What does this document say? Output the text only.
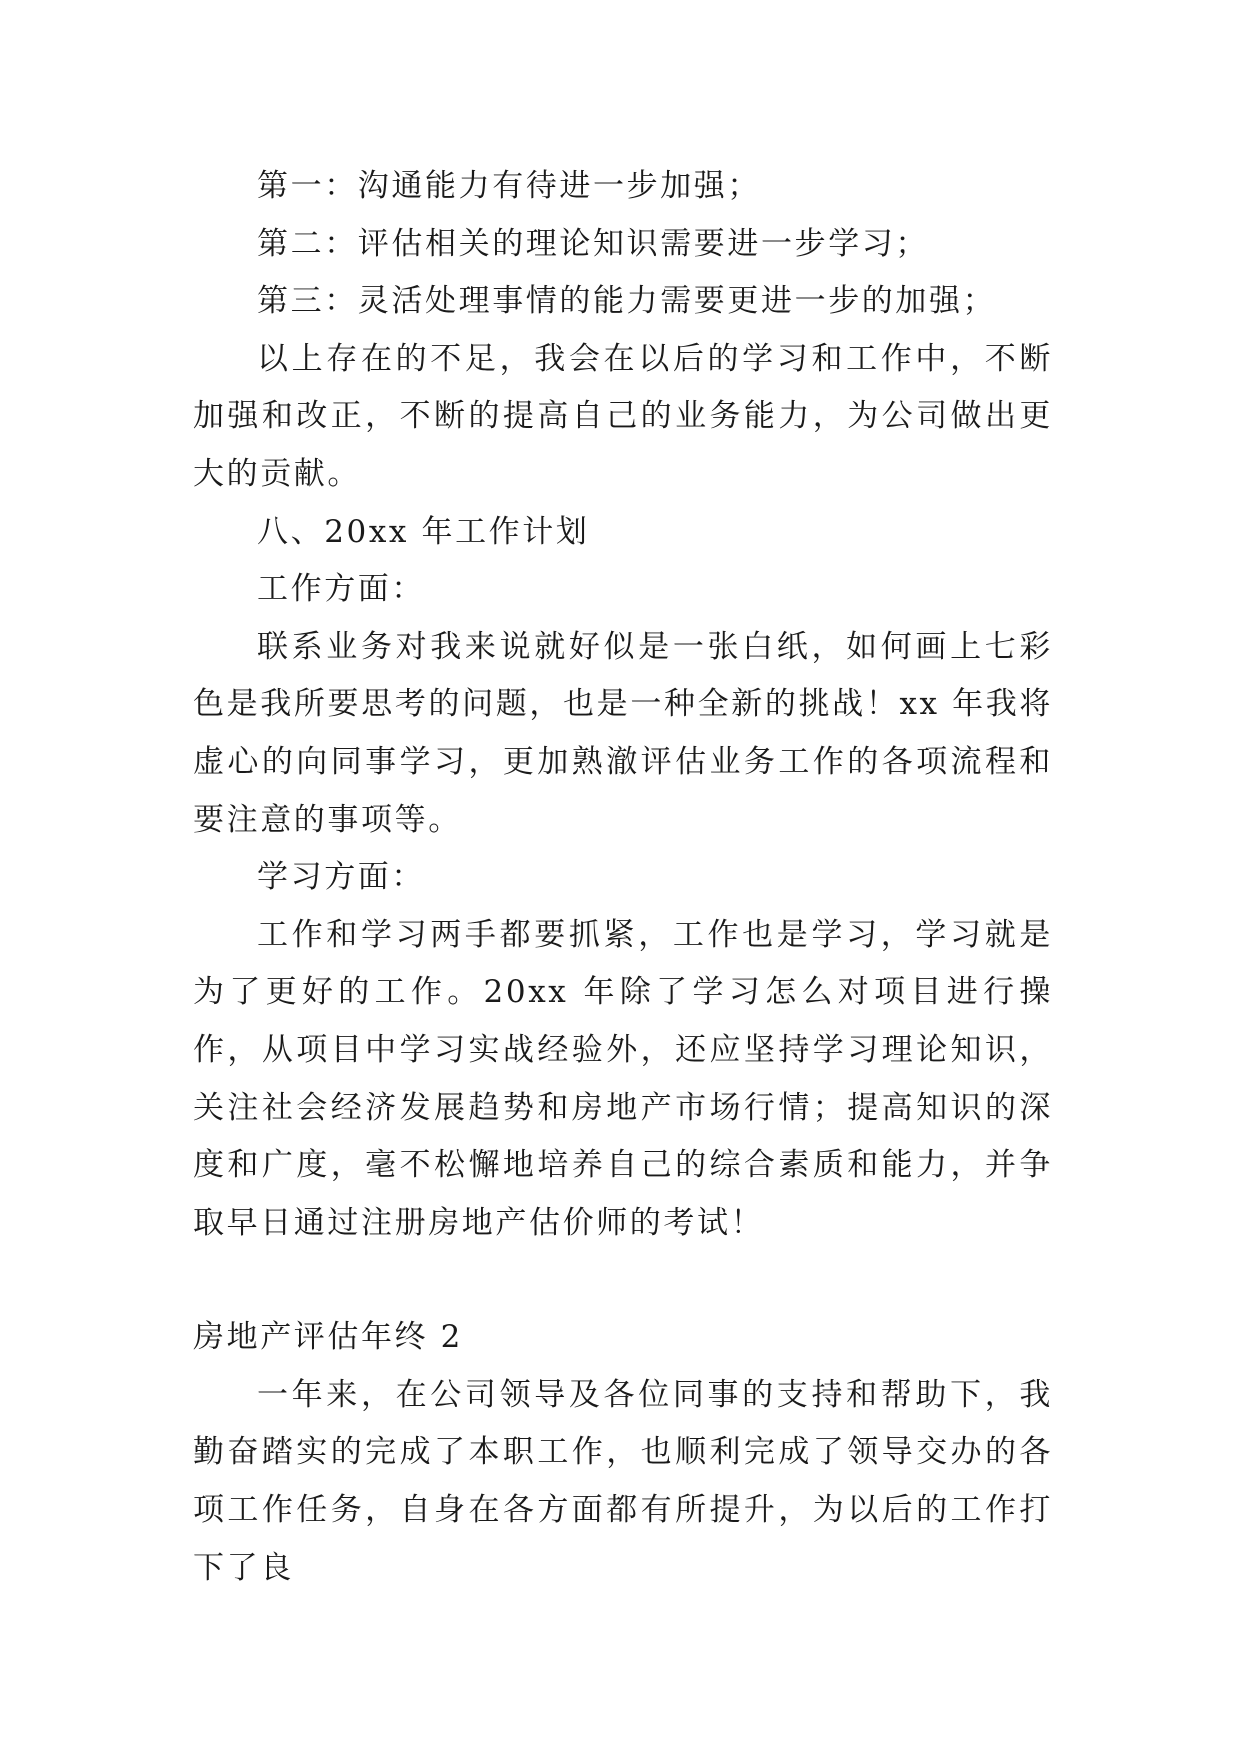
第一：沟通能力有待进一步加强；

第二：评估相关的理论知识需要进一步学习；

第三：灵活处理事情的能力需要更进一步的加强；

以上存在的不足，我会在以后的学习和工作中，不断加强和改正，不断的提高自己的业务能力，为公司做出更大的贡献。

八、20xx 年工作计划

工作方面：

联系业务对我来说就好似是一张白纸，如何画上七彩色是我所要思考的问题，也是一种全新的挑战！xx 年我将虚心的向同事学习，更加熟澈评估业务工作的各项流程和要注意的事项等。

学习方面：

工作和学习两手都要抓紧，工作也是学习，学习就是为了更好的工作。20xx 年除了学习怎么对项目进行操作，从项目中学习实战经验外，还应坚持学习理论知识，关注社会经济发展趋势和房地产市场行情；提高知识的深度和广度，毫不松懈地培养自己的综合素质和能力，并争取早日通过注册房地产估价师的考试！

房地产评估年终 2

一年来，在公司领导及各位同事的支持和帮助下，我勤奋踏实的完成了本职工作，也顺利完成了领导交办的各项工作任务，自身在各方面都有所提升，为以后的工作打下了良
